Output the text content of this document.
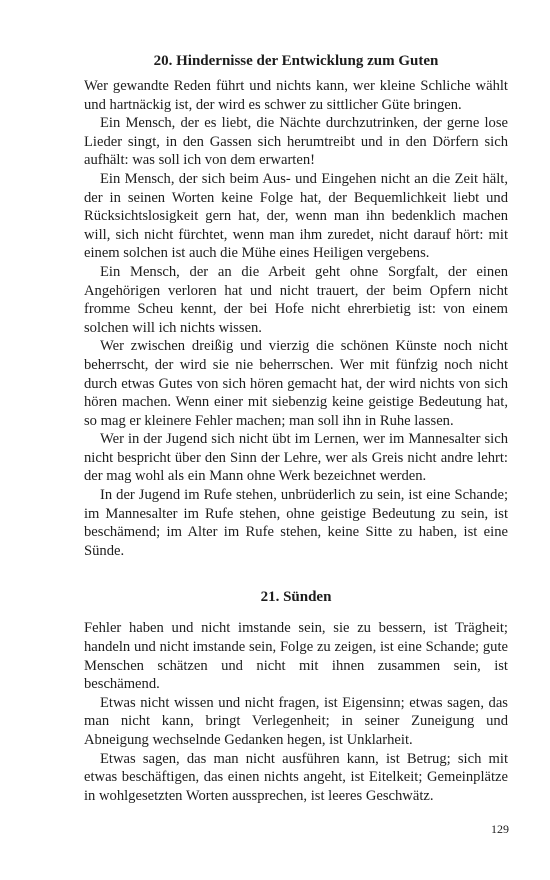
20. Hindernisse der Entwicklung zum Guten

Wer gewandte Reden führt und nichts kann, wer kleine Schliche wählt und hartnäckig ist, der wird es schwer zu sittlicher Güte bringen.

Ein Mensch, der es liebt, die Nächte durchzutrinken, der gerne lose Lieder singt, in den Gassen sich herumtreibt und in den Dörfern sich aufhält: was soll ich von dem erwarten!

Ein Mensch, der sich beim Aus- und Eingehen nicht an die Zeit hält, der in seinen Worten keine Folge hat, der Bequemlichkeit liebt und Rücksichtslosigkeit gern hat, der, wenn man ihn bedenklich machen will, sich nicht fürchtet, wenn man ihm zuredet, nicht darauf hört: mit einem solchen ist auch die Mühe eines Heiligen vergebens.

Ein Mensch, der an die Arbeit geht ohne Sorgfalt, der einen Angehörigen verloren hat und nicht trauert, der beim Opfern nicht fromme Scheu kennt, der bei Hofe nicht ehrerbietig ist: von einem solchen will ich nichts wissen.

Wer zwischen dreißig und vierzig die schönen Künste noch nicht beherrscht, der wird sie nie beherrschen. Wer mit fünfzig noch nicht durch etwas Gutes von sich hören gemacht hat, der wird nichts von sich hören machen. Wenn einer mit siebenzig keine geistige Bedeutung hat, so mag er kleinere Fehler machen; man soll ihn in Ruhe lassen.

Wer in der Jugend sich nicht übt im Lernen, wer im Mannesalter sich nicht bespricht über den Sinn der Lehre, wer als Greis nicht andre lehrt: der mag wohl als ein Mann ohne Werk bezeichnet werden.

In der Jugend im Rufe stehen, unbrüderlich zu sein, ist eine Schande; im Mannesalter im Rufe stehen, ohne geistige Bedeutung zu sein, ist beschämend; im Alter im Rufe stehen, keine Sitte zu haben, ist eine Sünde.

21. Sünden

Fehler haben und nicht imstande sein, sie zu bessern, ist Trägheit; handeln und nicht imstande sein, Folge zu zeigen, ist eine Schande; gute Menschen schätzen und nicht mit ihnen zusammen sein, ist beschämend.

Etwas nicht wissen und nicht fragen, ist Eigensinn; etwas sagen, das man nicht kann, bringt Verlegenheit; in seiner Zuneigung und Abneigung wechselnde Gedanken hegen, ist Unklarheit.

Etwas sagen, das man nicht ausführen kann, ist Betrug; sich mit etwas beschäftigen, das einen nichts angeht, ist Eitelkeit; Gemeinplätze in wohlgesetzten Worten aussprechen, ist leeres Geschwätz.

129
